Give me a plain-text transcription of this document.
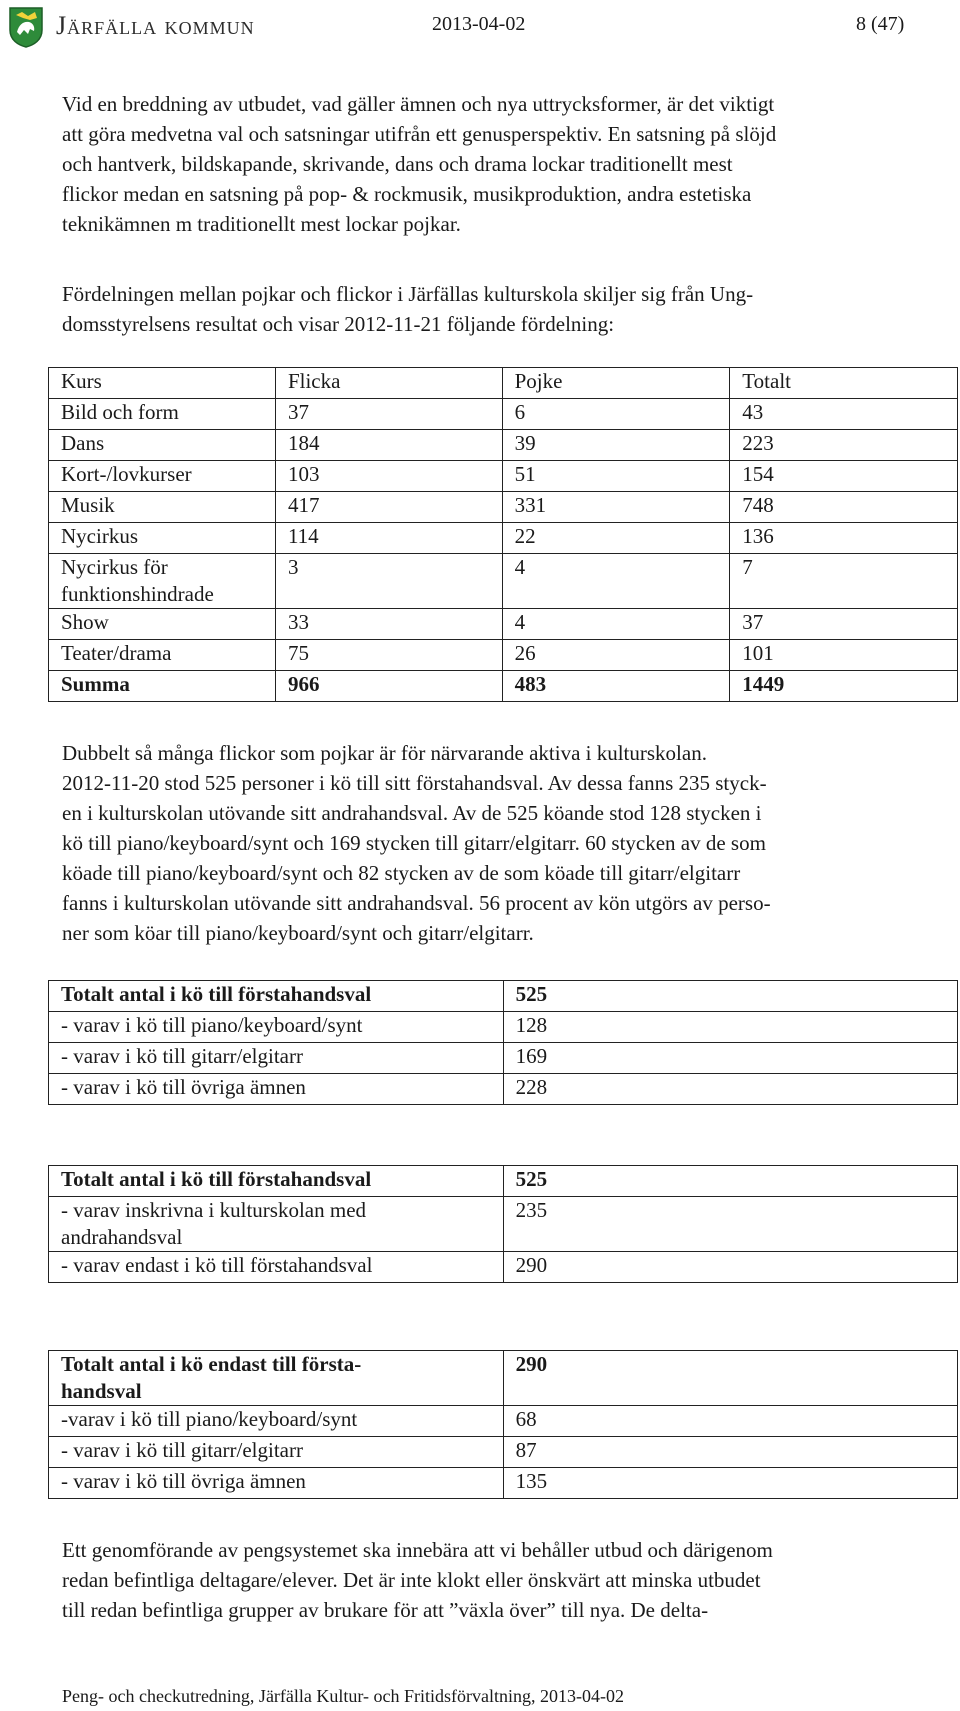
Järfälla kommun	2013-04-02	8 (47)
Vid en breddning av utbudet, vad gäller ämnen och nya uttrycksformer, är det viktigt
att göra medvetna val och satsningar utifrån ett genusperspektiv. En satsning på slöjd
och hantverk, bildskapande, skrivande, dans och drama lockar traditionellt mest
flickor medan en satsning på pop- & rockmusik, musikproduktion, andra estetiska
teknikämnen m traditionellt mest lockar pojkar.
Fördelningen mellan pojkar och flickor i Järfällas kulturskola skiljer sig från Ung-
domsstyrelsens resultat och visar 2012-11-21 följande fördelning:
Kurs	Flicka	Pojke	Totalt
Bild och form	37	6	43
Dans	184	39	223
Kort-/lovkurser	103	51	154
Musik	417	331	748
Nycirkus	114	22	136
Nycirkus för funktionshindrade	3	4	7
Show	33	4	37
Teater/drama	75	26	101
Summa	966	483	1449
Dubbelt så många flickor som pojkar är för närvarande aktiva i kulturskolan.
2012-11-20 stod 525 personer i kö till sitt förstahandsval. Av dessa fanns 235 styck-
en i kulturskolan utövande sitt andrahandsval. Av de 525 köande stod 128 stycken i
kö till piano/keyboard/synt och 169 stycken till gitarr/elgitarr. 60 stycken av de som
köade till piano/keyboard/synt och 82 stycken av de som köade till gitarr/elgitarr
fanns i kulturskolan utövande sitt andrahandsval. 56 procent av kön utgörs av perso-
ner som köar till piano/keyboard/synt och gitarr/elgitarr.
Totalt antal i kö till förstahandsval	525
- varav i kö till piano/keyboard/synt	128
- varav i kö till gitarr/elgitarr	169
- varav i kö till övriga ämnen	228
Totalt antal i kö till förstahandsval	525
- varav inskrivna i kulturskolan med andrahandsval	235
- varav endast i kö till förstahandsval	290
Totalt antal i kö endast till första- handsval	290
-varav i kö till piano/keyboard/synt	68
- varav i kö till gitarr/elgitarr	87
- varav i kö till övriga ämnen	135
Ett genomförande av pengsystemet ska innebära att vi behåller utbud och därigenom
redan befintliga deltagare/elever. Det är inte klokt eller önskvärt att minska utbudet
till redan befintliga grupper av brukare för att ”växla över” till nya. De delta-
Peng- och checkutredning, Järfälla Kultur- och Fritidsförvaltning, 2013-04-02
